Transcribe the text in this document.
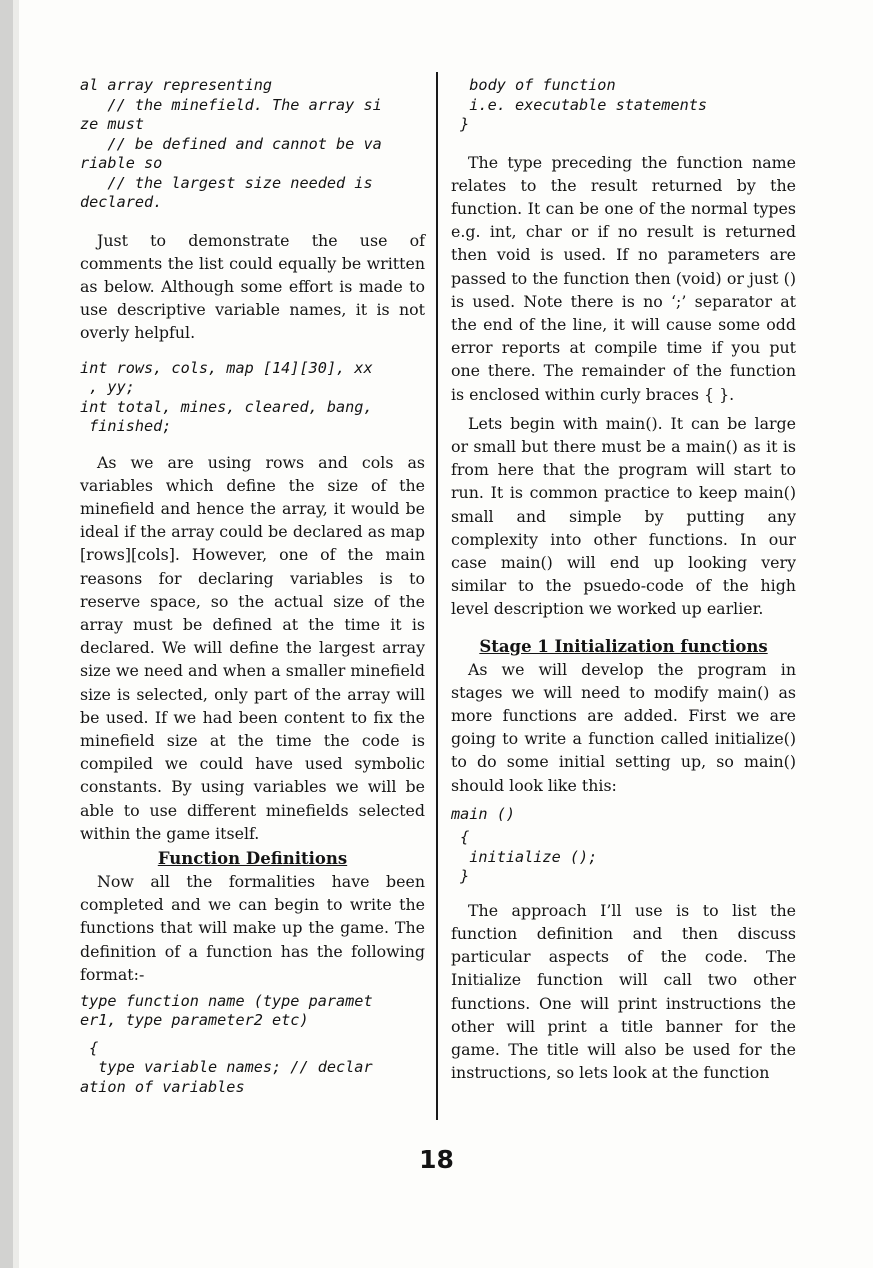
al array representing
// the minefield. The array si
ze must
// be defined and cannot be va
riable so
// the largest size needed is
declared.

Just to demonstrate the use of comments the list could equally be written as below. Although some effort is made to use descriptive variable names, it is not overly helpful.

int rows, cols, map [14][30], xx
, yy;
int total, mines, cleared, bang,
finished;

As we are using rows and cols as variables which define the size of the minefield and hence the array, it would be ideal if the array could be declared as map [rows][cols]. However, one of the main reasons for declaring variables is to reserve space, so the actual size of the array must be defined at the time it is declared. We will define the largest array size we need and when a smaller minefield size is selected, only part of the array will be used. If we had been content to fix the minefield size at the time the code is compiled we could have used symbolic constants. By using variables we will be able to use different minefields selected within the game itself.

Function Definitions

Now all the formalities have been completed and we can begin to write the functions that will make up the game. The definition of a function has the following format:-

type function name (type paramet
er1, type parameter2 etc)
{
type variable names; // declar
ation of variables
body of function
i.e. executable statements
}

The type preceding the function name relates to the result returned by the function. It can be one of the normal types e.g. int, char or if no result is returned then void is used. If no parameters are passed to the function then (void) or just () is used. Note there is no ‘;’ separator at the end of the line, it will cause some odd error reports at compile time if you put one there. The remainder of the function is enclosed within curly braces { }.

Lets begin with main(). It can be large or small but there must be a main() as it is from here that the program will start to run. It is common practice to keep main() small and simple by putting any complexity into other functions. In our case main() will end up looking very similar to the psuedo-code of the high level description we worked up earlier.

Stage 1 Initialization functions

As we will develop the program in stages we will need to modify main() as more functions are added. First we are going to write a function called initialize() to do some initial setting up, so main() should look like this:

main ()
{
initialize ();
}

The approach I’ll use is to list the function definition and then discuss particular aspects of the code. The Initialize function will call two other functions. One will print instructions the other will print a title banner for the game. The title will also be used for the instructions, so lets look at the function

18
